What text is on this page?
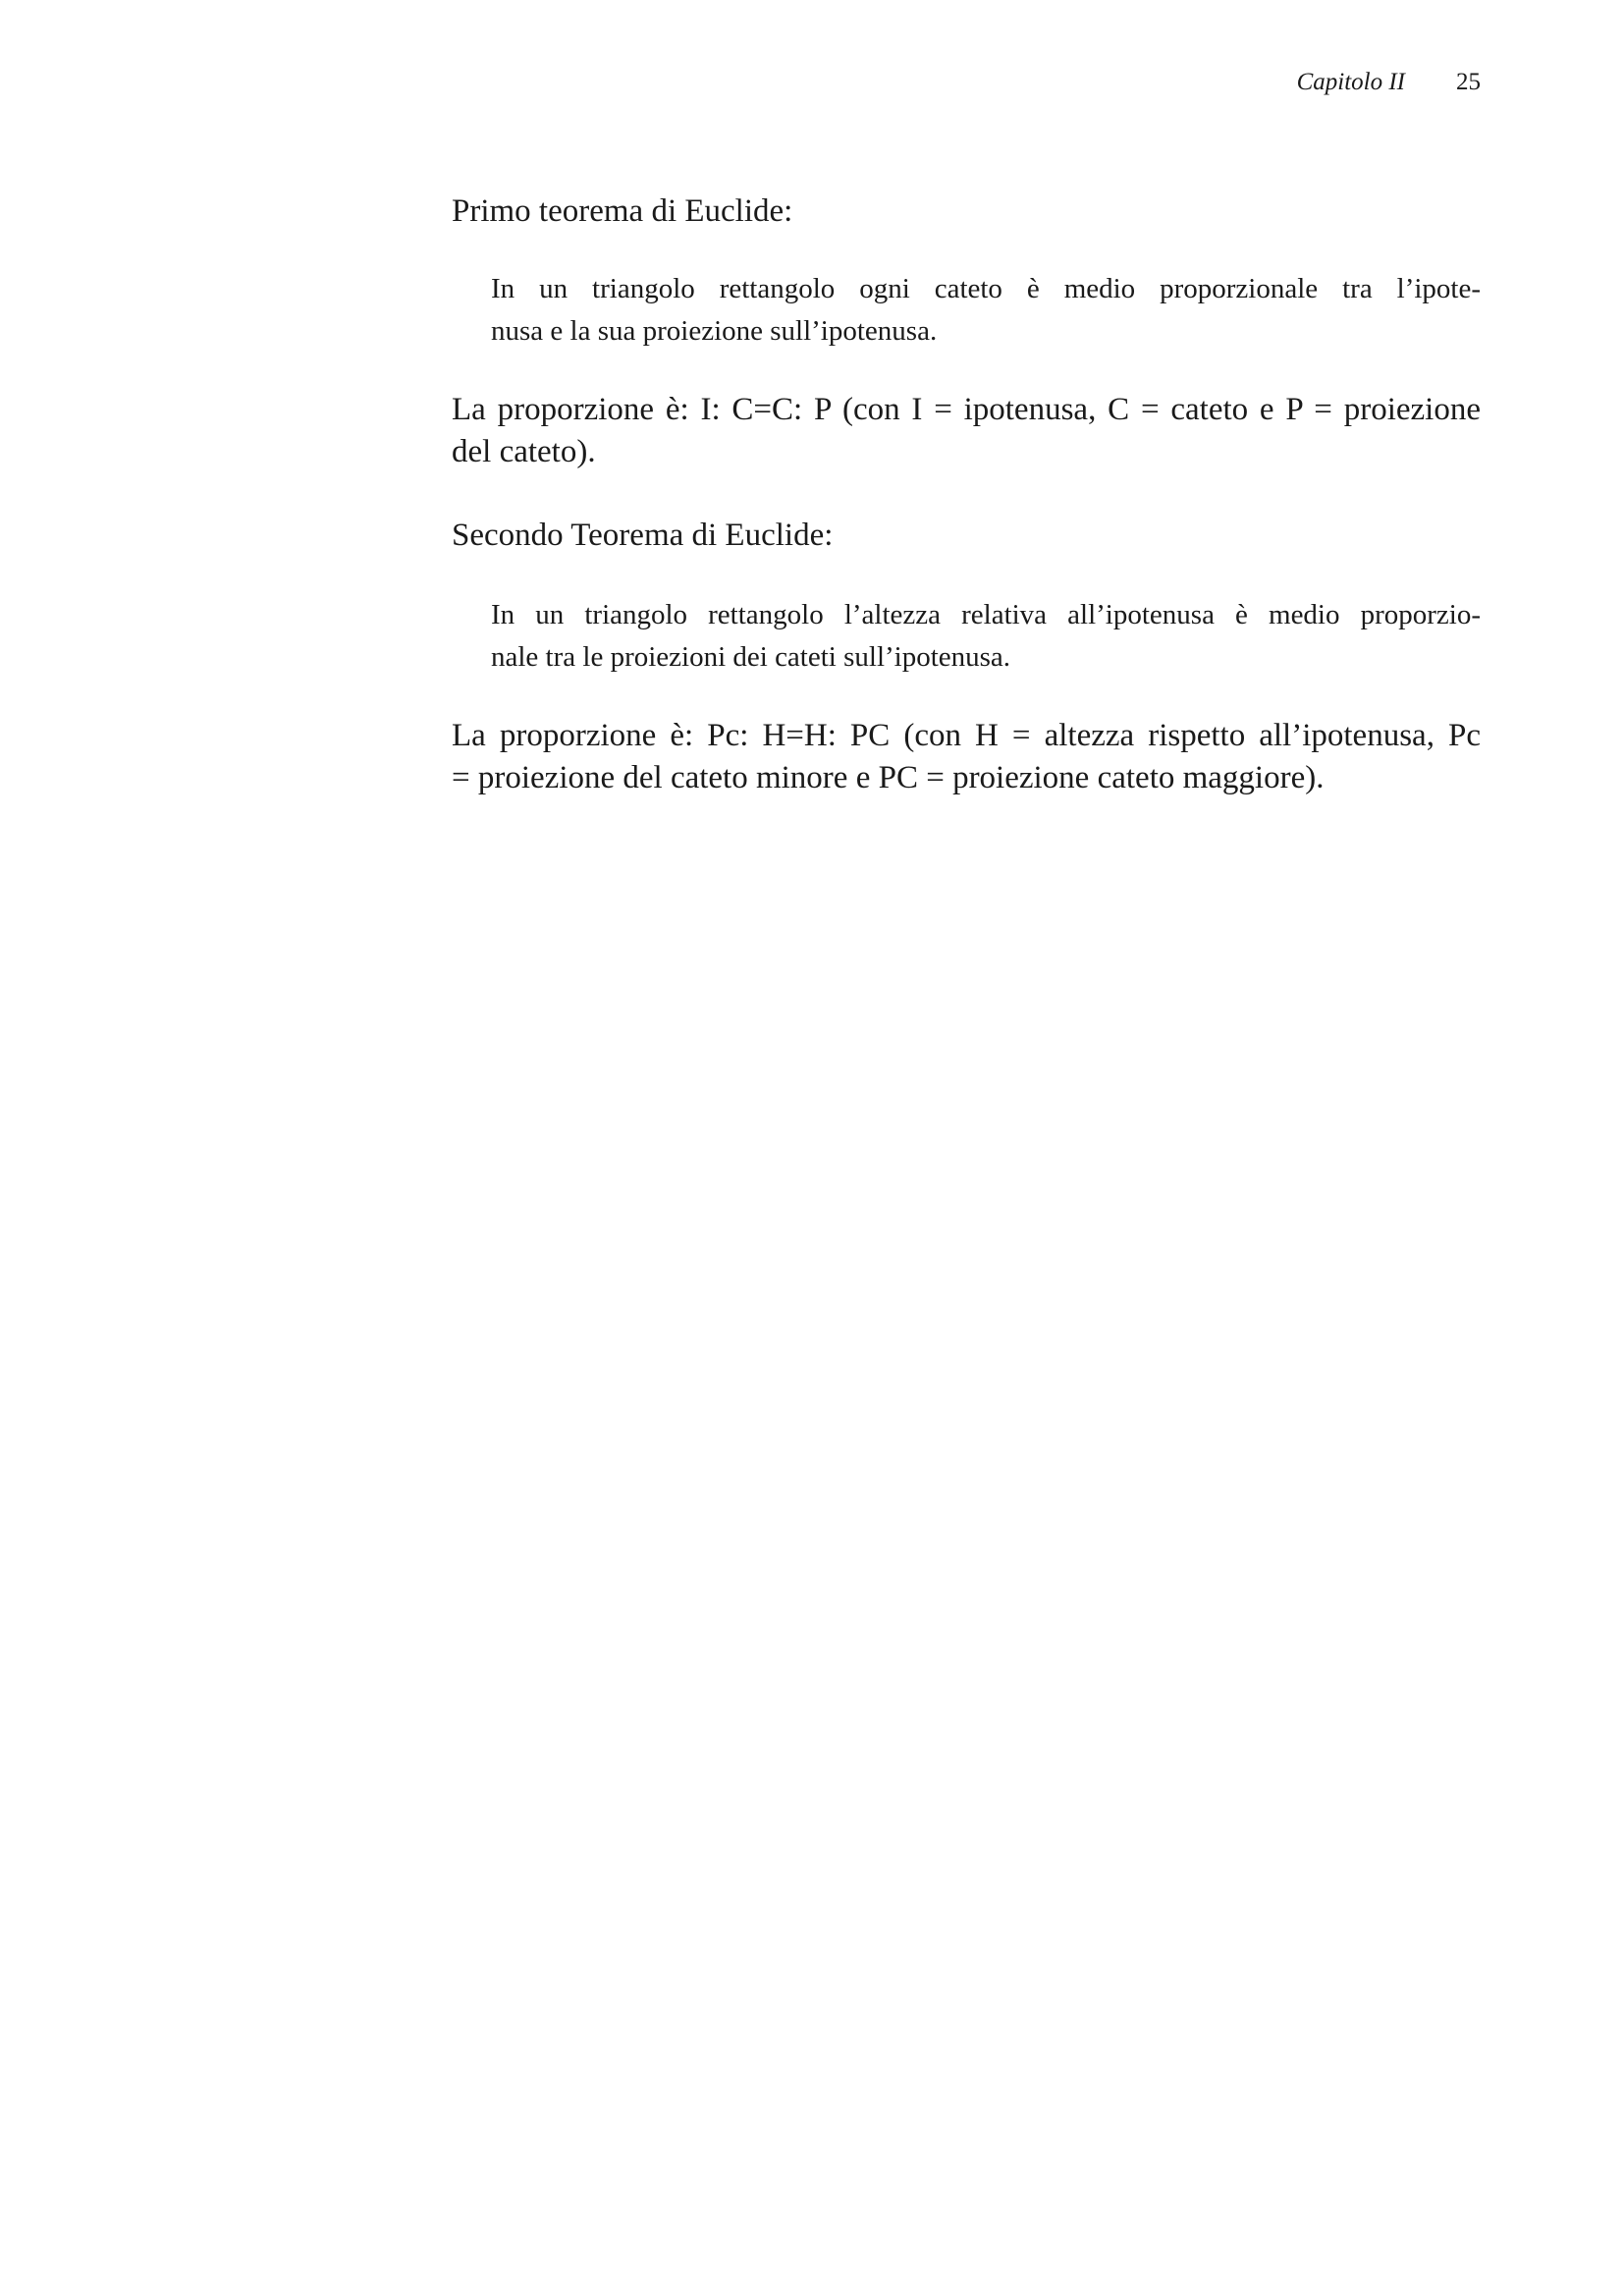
Capitolo II 25
Primo teorema di Euclide:
In un triangolo rettangolo ogni cateto è medio proporzionale tra l’ipote-
nusa e la sua proiezione sull’ipotenusa.
La proporzione è: I: C=C: P (con I = ipotenusa, C = cateto e P = proiezione
del cateto).
Secondo Teorema di Euclide:
In un triangolo rettangolo l’altezza relativa all’ipotenusa è medio proporzio-
nale tra le proiezioni dei cateti sull’ipotenusa.
La proporzione è: Pc: H=H: PC (con H = altezza rispetto all’ipotenusa, Pc
= proiezione del cateto minore e PC = proiezione cateto maggiore).
